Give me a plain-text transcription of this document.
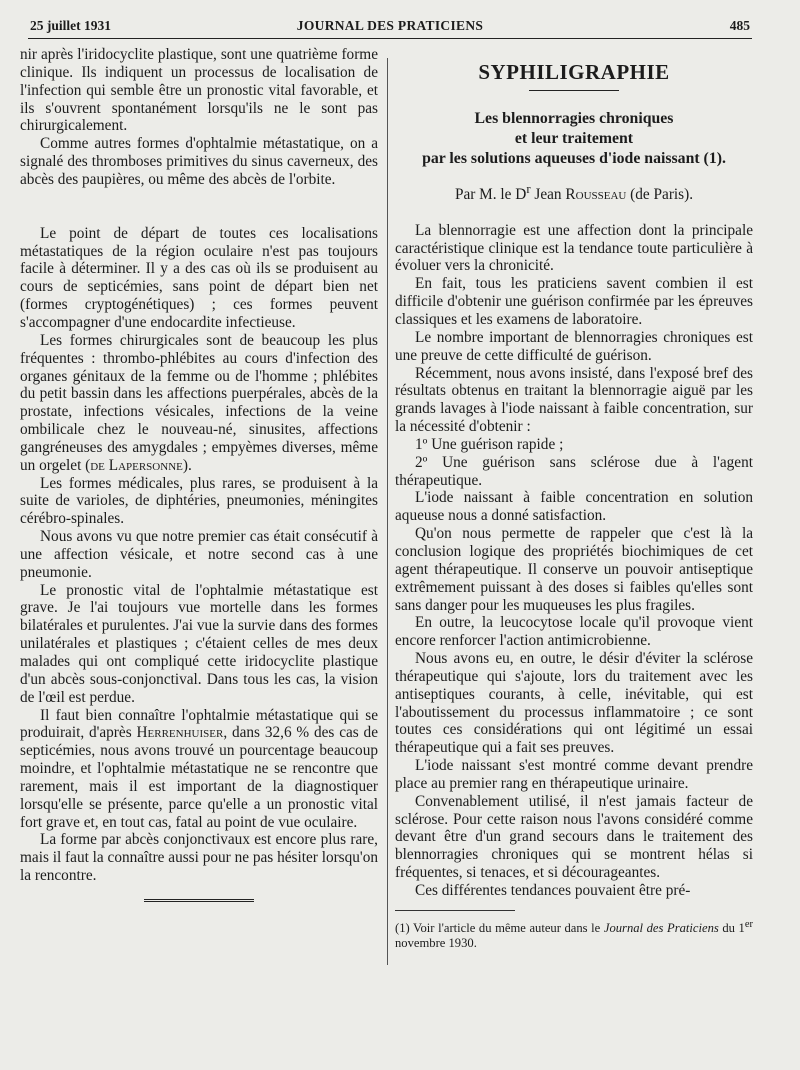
25 juillet 1931	JOURNAL DES PRATICIENS	485

nir après l'iridocyclite plastique, sont une quatrième forme clinique. Ils indiquent un processus de localisation de l'infection qui semble être un pronostic vital favorable, et ils s'ouvrent spontanément lorsqu'ils ne le sont pas chirurgicalement.

Comme autres formes d'ophtalmie métastatique, on a signalé des thromboses primitives du sinus caverneux, des abcès des paupières, ou même des abcès de l'orbite.

Le point de départ de toutes ces localisations métastatiques de la région oculaire n'est pas toujours facile à déterminer. Il y a des cas où ils se produisent au cours de septicémies, sans point de départ bien net (formes cryptogénétiques) ; ces formes peuvent s'accompagner d'une endocardite infectieuse.

Les formes chirurgicales sont de beaucoup les plus fréquentes : thrombo-phlébites au cours d'infection des organes génitaux de la femme ou de l'homme ; phlébites du petit bassin dans les affections puerpérales, abcès de la prostate, infections vésicales, infections de la veine ombilicale chez le nouveau-né, sinusites, affections gangréneuses des amygdales ; empyèmes diverses, même un orgelet (de Lapersonne).

Les formes médicales, plus rares, se produisent à la suite de varioles, de diphtéries, pneumonies, méningites cérébro-spinales.

Nous avons vu que notre premier cas était consécutif à une affection vésicale, et notre second cas à une pneumonie.

Le pronostic vital de l'ophtalmie métastatique est grave. Je l'ai toujours vue mortelle dans les formes bilatérales et purulentes. J'ai vue la survie dans des formes unilatérales et plastiques ; c'étaient celles de mes deux malades qui ont compliqué cette iridocyclite plastique d'un abcès sous-conjonctival. Dans tous les cas, la vision de l'œil est perdue.

Il faut bien connaître l'ophtalmie métastatique qui se produirait, d'après Herrenhuiser, dans 32,6 % des cas de septicémies, nous avons trouvé un pourcentage beaucoup moindre, et l'ophtalmie métastatique ne se rencontre que rarement, mais il est important de la diagnostiquer lorsqu'elle se présente, parce qu'elle a un pronostic vital fort grave et, en tout cas, fatal au point de vue oculaire.

La forme par abcès conjonctivaux est encore plus rare, mais il faut la connaître aussi pour ne pas hésiter lorsqu'on la rencontre.

SYPHILIGRAPHIE
Les blennorragies chroniques
et leur traitement
par les solutions aqueuses d'iode naissant (1).
Par M. le $D^r$ Jean Rousseau (de Paris).

La blennorragie est une affection dont la principale caractéristique clinique est la tendance toute particulière à évoluer vers la chronicité.

En fait, tous les praticiens savent combien il est difficile d'obtenir une guérison confirmée par les épreuves classiques et les examens de laboratoire.

Le nombre important de blennorragies chroniques est une preuve de cette difficulté de guérison.

Récemment, nous avons insisté, dans l'exposé bref des résultats obtenus en traitant la blennorragie aiguë par les grands lavages à l'iode naissant à faible concentration, sur la nécessité d'obtenir :

1º Une guérison rapide ;

2º Une guérison sans sclérose due à l'agent thérapeutique.

L'iode naissant à faible concentration en solution aqueuse nous a donné satisfaction.

Qu'on nous permette de rappeler que c'est là la conclusion logique des propriétés biochimiques de cet agent thérapeutique. Il conserve un pouvoir antiseptique extrêmement puissant à des doses si faibles qu'elles sont sans danger pour les muqueuses les plus fragiles.

En outre, la leucocytose locale qu'il provoque vient encore renforcer l'action antimicrobienne.

Nous avons eu, en outre, le désir d'éviter la sclérose thérapeutique qui s'ajoute, lors du traitement avec les antiseptiques courants, à celle, inévitable, qui est l'aboutissement du processus inflammatoire ; ce sont toutes ces considérations qui ont légitimé un essai thérapeutique qui a fait ses preuves.

L'iode naissant s'est montré comme devant prendre place au premier rang en thérapeutique urinaire.

Convenablement utilisé, il n'est jamais facteur de sclérose. Pour cette raison nous l'avons considéré comme devant être d'un grand secours dans le traitement des blennorragies chroniques qui se montrent hélas si fréquentes, si tenaces, et si décourageantes.

Ces différentes tendances pouvaient être pré-

(1) Voir l'article du même auteur dans le Journal des Praticiens du 1er novembre 1930.
